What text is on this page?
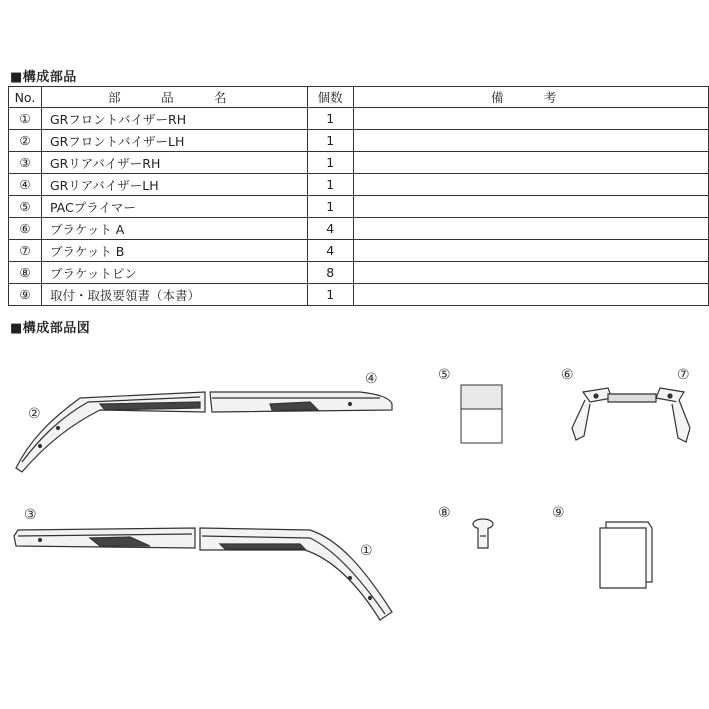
■構成部品
No.	部　品　名	個数	備　考
①	GRフロントバイザーRH	1	
②	GRフロントバイザーLH	1	
③	GRリアバイザーRH	1	
④	GRリアバイザーLH	1	
⑤	PACプライマー	1	
⑥	ブラケット A	4	
⑦	ブラケット B	4	
⑧	ブラケットピン	8	
⑨	取付・取扱要領書（本書）	1	
■構成部品図
④
②
⑤	⑥	⑦
③	⑧	⑨
①
